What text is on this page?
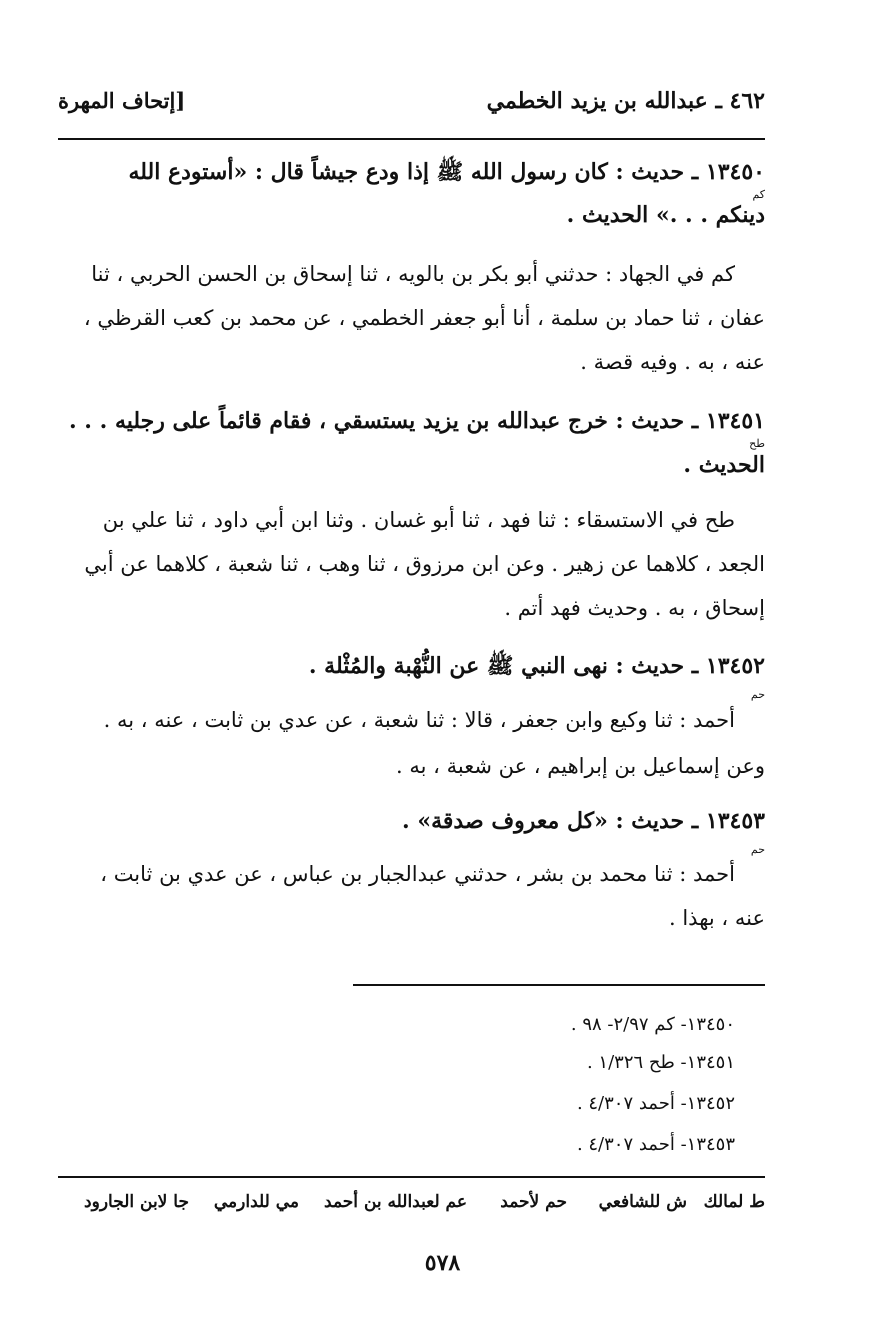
٤٦٢ ـ عبدالله بن يزيد الخطمي
[إتحاف المهرة
١٣٤٥٠ ـ حديث : كان رسول الله ﷺ إذا ودع جيشاً قال : «أستودع الله
كم
دينكم . . .» الحديث .
كم في الجهاد : حدثني أبو بكر بن بالويه ، ثنا إسحاق بن الحسن الحربي ، ثنا
عفان ، ثنا حماد بن سلمة ، أنا أبو جعفر الخطمي ، عن محمد بن كعب القرظي ،
عنه ، به . وفيه قصة .
١٣٤٥١ ـ حديث : خرج عبدالله بن يزيد يستسقي ، فقام قائماً على رجليه . . .
طح
الحديث .
طح في الاستسقاء : ثنا فهد ، ثنا أبو غسان . وثنا ابن أبي داود ، ثنا علي بن
الجعد ، كلاهما عن زهير . وعن ابن مرزوق ، ثنا وهب ، ثنا شعبة ، كلاهما عن أبي
إسحاق ، به . وحديث فهد أتم .
١٣٤٥٢ ـ حديث : نهى النبي ﷺ عن النُّهْبة والمُثْلة .
حم
أحمد : ثنا وكيع وابن جعفر ، قالا : ثنا شعبة ، عن عدي بن ثابت ، عنه ، به .
وعن إسماعيل بن إبراهيم ، عن شعبة ، به .
١٣٤٥٣ ـ حديث : «كل معروف صدقة» .
حم
أحمد : ثنا محمد بن بشر ، حدثني عبدالجبار بن عباس ، عن عدي بن ثابت ،
عنه ، بهذا .
١٣٤٥٠- كم ٢/٩٧- ٩٨ .
١٣٤٥١- طح ١/٣٢٦ .
١٣٤٥٢- أحمد ٤/٣٠٧ .
١٣٤٥٣- أحمد ٤/٣٠٧ .
ط لمالك
ش للشافعي
حم لأحمد
عم لعبدالله بن أحمد
مي للدارمي
جا لابن الجارود
٥٧٨
